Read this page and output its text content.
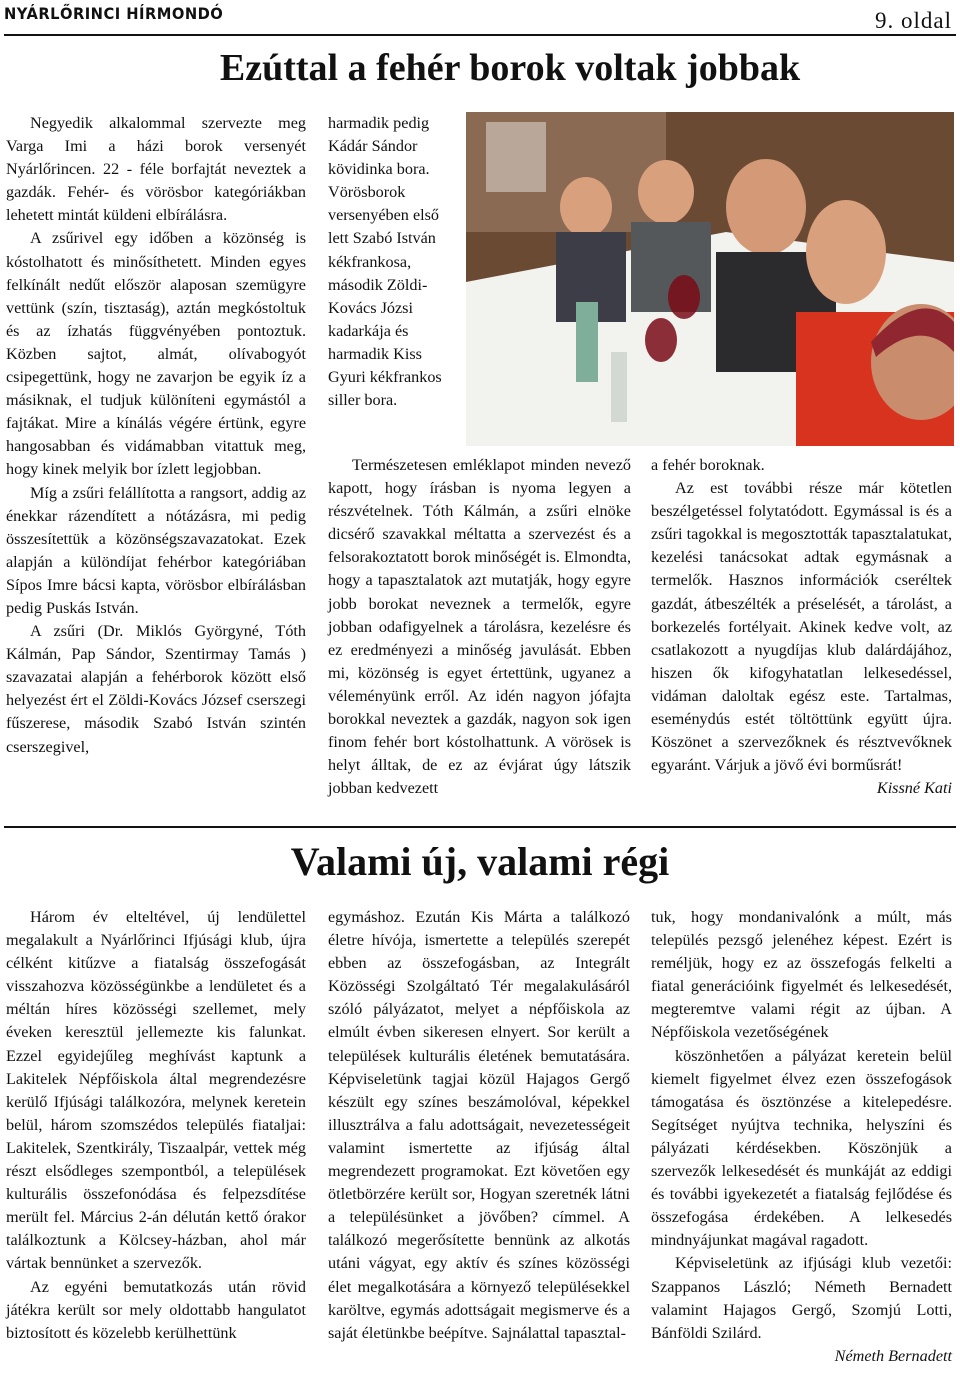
NYÁRLŐRINCI HÍRMONDÓ	9. oldal
Ezúttal a fehér borok voltak jobbak

Negyedik alkalommal szervezte meg Varga Imi a házi borok versenyét Nyárlőrincen. 22 - féle borfajtát neveztek a gazdák. Fehér- és vörösbor kategóriákban lehetett mintát küldeni elbírálásra.

A zsűrivel egy időben a közönség is kóstolhatott és minősíthetett. Minden egyes felkínált nedűt először alaposan szemügyre vettünk (szín, tisztaság), aztán megkóstoltuk és az ízhatás függvényében pontoztuk. Közben sajtot, almát, olívabogyót csipegettünk, hogy ne zavarjon be egyik íz a másiknak, el tudjuk különíteni egymástól a fajtákat. Mire a kínálás végére értünk, egyre hangosabban és vidámabban vitattuk meg, hogy kinek melyik bor ízlett legjobban.

Míg a zsűri felállította a rangsort, addig az énekkar rázendített a nótázásra, mi pedig összesítettük a közönségszavazatokat. Ezek alapján a különdíjat fehérbor kategóriában Sípos Imre bácsi kapta, vörösbor elbírálásban pedig Puskás István.

A zsűri (Dr. Miklós Györgyné, Tóth Kálmán, Pap Sándor, Szentirmay Tamás ) szavazatai alapján a fehérborok között első helyezést ért el Zöldi-Kovács József cserszegi fűszerese, második Szabó István szintén cserszegivel,

harmadik pedig Kádár Sándor kövidinka bora. Vörösborok versenyében első lett Szabó István kékfrankosa, második Zöldi-Kovács Józsi kadarkája és harmadik Kiss Gyuri kékfrankos siller bora.

Természetesen emléklapot minden nevező kapott, hogy írásban is nyoma legyen a részvételnek. Tóth Kálmán, a zsűri elnöke dicsérő szavakkal méltatta a szervezést és a felsorakoztatott borok minőségét is. Elmondta, hogy a tapasztalatok azt mutatják, hogy egyre jobb borokat neveznek a termelők, egyre jobban odafigyelnek a tárolásra, kezelésre és ez eredményezi a minőség javulását. Ebben mi, közönség is egyet értettünk, ugyanez a véleményünk erről. Az idén nagyon jófajta borokkal neveztek a gazdák, nagyon sok igen finom fehér bort kóstolhattunk. A vörösek is helyt álltak, de ez az évjárat úgy látszik jobban kedvezett

a fehér boroknak.

Az est további része már kötetlen beszélgetéssel folytatódott. Egymással is és a zsűri tagokkal is megosztották tapasztalatukat, kezelési tanácsokat adtak egymásnak a termelők. Hasznos információk cseréltek gazdát, átbeszélték a préselését, a tárolást, a borkezelés fortélyait. Akinek kedve volt, az csatlakozott a nyugdíjas klub dalárdájához, hiszen ők kifogyhatatlan lelkesedéssel, vidáman daloltak egész este. Tartalmas, eseménydús estét töltöttünk együtt újra. Köszönet a szervezőknek és résztvevőknek egyaránt. Várjuk a jövő évi borműsrát!

Kissné Kati

Valami új, valami régi

Három év elteltével, új lendülettel megalakult a Nyárlőrinci Ifjúsági klub, újra célként kitűzve a fiatalság összefogását visszahozva közösségünkbe a lendületet és a méltán híres közösségi szellemet, mely éveken keresztül jellemezte kis falunkat. Ezzel egyidejűleg meghívást kaptunk a Lakitelek Népfőiskola által megrendezésre kerülő Ifjúsági találkozóra, melynek keretein belül, három szomszédos település fiataljai: Lakitelek, Szentkirály, Tiszaalpár, vettek még részt elsődleges szempontból, a települések kulturális összefonódása és felpezsdítése merült fel. Március 2-án délután kettő órakor találkoztunk a Kölcsey-házban, ahol már vártak bennünket a szervezők.

Az egyéni bemutatkozás után rövid játékra került sor mely oldottabb hangulatot biztosított és közelebb kerülhettünk

egymáshoz. Ezután Kis Márta a találkozó életre hívója, ismertette a település szerepét ebben az összefogásban, az Integrált Közösségi Szolgáltató Tér megalakulásáról szóló pályázatot, melyet a népfőiskola az elmúlt évben sikeresen elnyert. Sor került a települések kulturális életének bemutatására. Képviseletünk tagjai közül Hajagos Gergő készült egy színes beszámolóval, képekkel illusztrálva a falu adottságait, nevezetességeit valamint ismertette az ifjúság által megrendezett programokat. Ezt követően egy ötletbörzére került sor, Hogyan szeretnék látni a településünket a jövőben? címmel. A találkozó megerősítette bennünk az alkotás utáni vágyat, egy aktív és színes közösségi élet megalkotására a környező településekkel karöltve, egymás adottságait megismerve és a saját életünkbe beépítve. Sajnálattal tapasztal-

tuk, hogy mondanivalónk a múlt, más település pezsgő jelenéhez képest. Ezért is reméljük, hogy ez az összefogás felkelti a fiatal generációink figyelmét és lelkesedését, megteremtve valami régit az újban. A Népfőiskola vezetőségének

köszönhetően a pályázat keretein belül kiemelt figyelmet élvez ezen összefogások támogatása és ösztönzése a kitelepedésre. Segítséget nyújtva technika, helyszíni és pályázati kérdésekben. Köszönjük a szervezők lelkesedését és munkáját az eddigi és további igyekezetét a fiatalság fejlődése és összefogása érdekében. A lelkesedés mindnyájunkat magával ragadott.

Képviseletünk az ifjúsági klub vezetői: Szappanos László; Németh Bernadett valamint Hajagos Gergő, Szomjú Lotti, Bánföldi Szilárd.

Németh Bernadett
